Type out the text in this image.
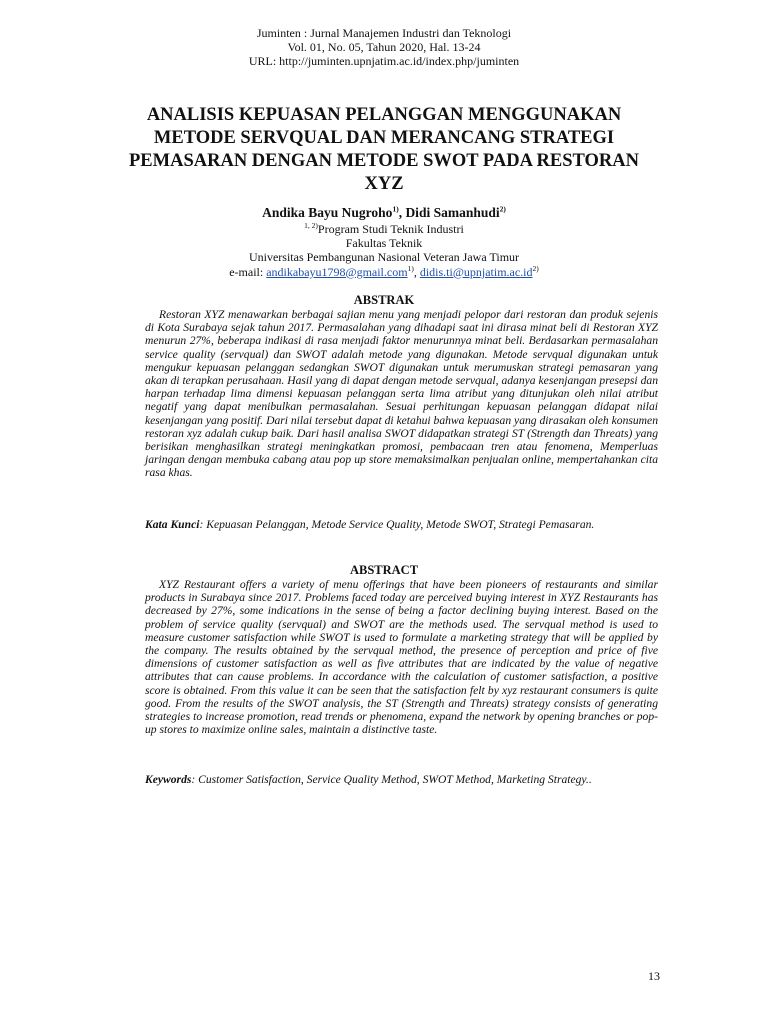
Juminten : Jurnal Manajemen Industri dan Teknologi
Vol. 01, No. 05, Tahun 2020, Hal. 13-24
URL: http://juminten.upnjatim.ac.id/index.php/juminten
ANALISIS KEPUASAN PELANGGAN MENGGUNAKAN METODE SERVQUAL DAN MERANCANG STRATEGI PEMASARAN DENGAN METODE SWOT PADA RESTORAN XYZ
Andika Bayu Nugroho$^{1)}$, Didi Samanhudi$^{2)}$
$^{1, 2)}$Program Studi Teknik Industri
Fakultas Teknik
Universitas Pembangunan Nasional Veteran Jawa Timur
e-mail: andikabayu1798@gmail.com$^{1)}$, $didis.ti@upnjatim.ac.id^{2)}$
ABSTRAK

Restoran XYZ menawarkan berbagai sajian menu yang menjadi pelopor dari restoran dan produk sejenis di Kota Surabaya sejak tahun 2017. Permasalahan yang dihadapi saat ini dirasa minat beli di Restoran XYZ menurun 27%, beberapa indikasi di rasa menjadi faktor menurunnya minat beli. Berdasarkan permasalahan service quality (servqual) dan SWOT adalah metode yang digunakan. Metode servqual digunakan untuk mengukur kepuasan pelanggan sedangkan SWOT digunakan untuk merumuskan strategi pemasaran yang akan di terapkan perusahaan. Hasil yang di dapat dengan metode servqual, adanya kesenjangan presepsi dan harpan terhadap lima dimensi kepuasan pelanggan serta lima atribut yang ditunjukan oleh nilai atribut negatif yang dapat menibulkan permasalahan. Sesuai perhitungan kepuasan pelanggan didapat nilai kesenjangan yang positif. Dari nilai tersebut dapat di ketahui bahwa kepuasan yang dirasakan oleh konsumen restoran xyz adalah cukup baik. Dari hasil analisa SWOT didapatkan strategi ST (Strength dan Threats) yang berisikan menghasilkan strategi meningkatkan promosi, pembacaan tren atau fenomena, Memperluas jaringan dengan membuka cabang atau pop up store memaksimalkan penjualan online, mempertahankan cita rasa khas.

Kata Kunci: Kepuasan Pelanggan, Metode Service Quality, Metode SWOT, Strategi Pemasaran.

ABSTRACT

XYZ Restaurant offers a variety of menu offerings that have been pioneers of restaurants and similar products in Surabaya since 2017. Problems faced today are perceived buying interest in XYZ Restaurants has decreased by 27%, some indications in the sense of being a factor declining buying interest. Based on the problem of service quality (servqual) and SWOT are the methods used. The servqual method is used to measure customer satisfaction while SWOT is used to formulate a marketing strategy that will be applied by the company. The results obtained by the servqual method, the presence of perception and price of five dimensions of customer satisfaction as well as five attributes that are indicated by the value of negative attributes that can cause problems. In accordance with the calculation of customer satisfaction, a positive score is obtained. From this value it can be seen that the satisfaction felt by xyz restaurant consumers is quite good. From the results of the SWOT analysis, the ST (Strength and Threats) strategy consists of generating strategies to increase promotion, read trends or phenomena, expand the network by opening branches or pop-up stores to maximize online sales, maintain a distinctive taste.

Keywords: Customer Satisfaction, Service Quality Method, SWOT Method, Marketing Strategy..

13
